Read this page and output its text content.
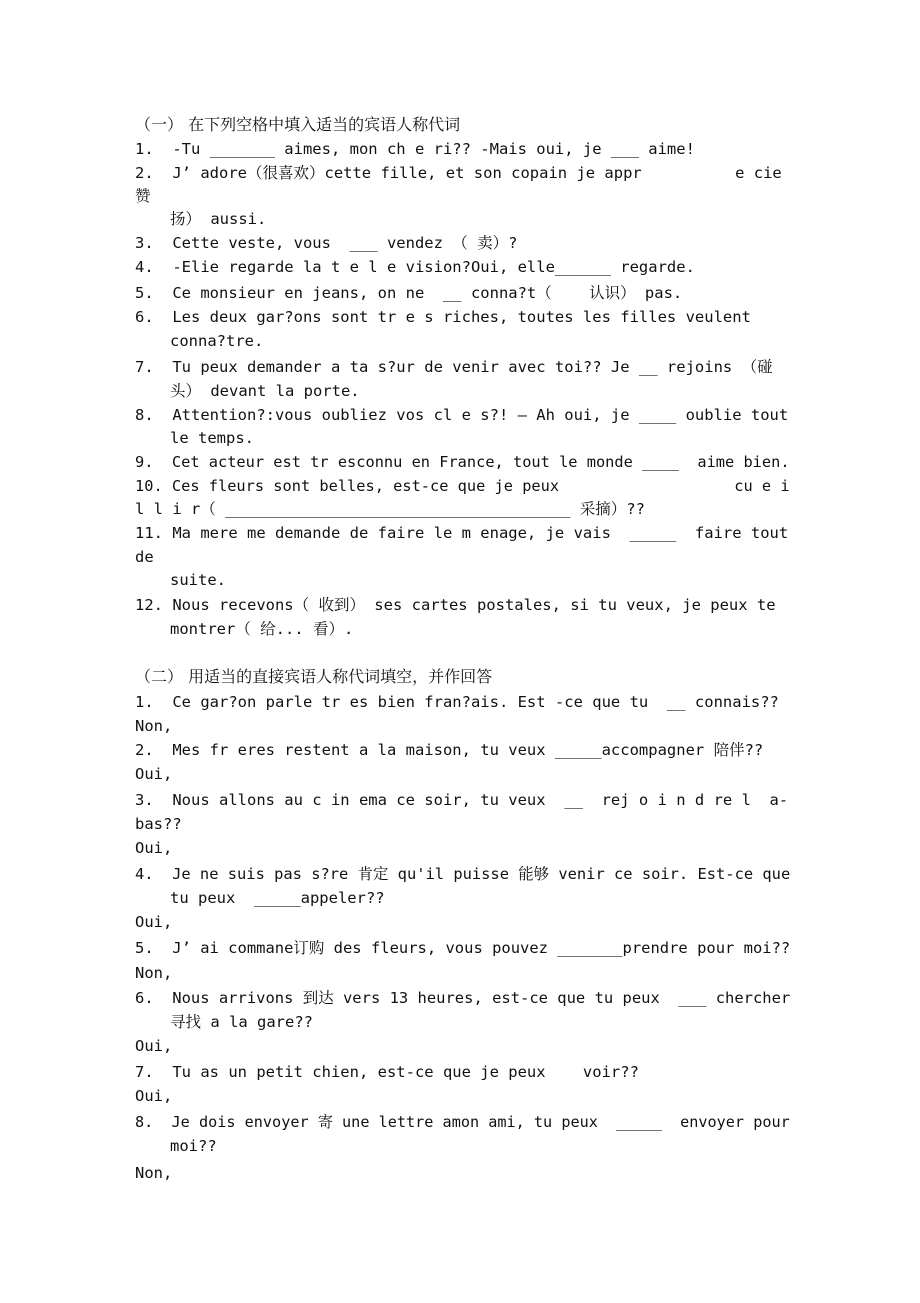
（一） 在下列空格中填入适当的宾语人称代词
1.  -Tu _______ aimes, mon ch e ri?? -Mais oui, je ___ aime!
2.  J’ adore（很喜欢）cette fille, et son copain je appr          e cie
赞
扬） aussi.
3.  Cette veste, vous  ___ vendez （ 卖）?
4.  -Elie regarde la t e l e vision?Oui, elle______ regarde.
5.  Ce monsieur en jeans, on ne  __ conna?t（    认识） pas.
6.  Les deux gar?ons sont tr e s riches, toutes les filles veulent
conna?tre.
7.  Tu peux demander a ta s?ur de venir avec toi?? Je __ rejoins （碰
头） devant la porte.
8.  Attention?:vous oubliez vos cl e s?! — Ah oui, je ____ oublie tout
le temps.
9.  Cet acteur est tr esconnu en France, tout le monde ____  aime bien.
10. Ces fleurs sont belles, est-ce que je peux                   cu e i
l l i r（ _____________________________________ 采摘）??
11. Ma mere me demande de faire le m enage, je vais  _____  faire tout
de
suite.
12. Nous recevons（ 收到） ses cartes postales, si tu veux, je peux te
montrer（ 给... 看）.
（二） 用适当的直接宾语人称代词填空，并作回答
1.  Ce gar?on parle tr es bien fran?ais. Est -ce que tu  __ connais??
Non,
2.  Mes fr eres restent a la maison, tu veux _____accompagner 陪伴??
Oui,
3.  Nous allons au c in ema ce soir, tu veux  __  rej o i n d re l  a-
bas??
Oui,
4.  Je ne suis pas s?re 肯定 qu'il puisse 能够 venir ce soir. Est-ce que
tu peux  _____appeler??
Oui,
5.  J’ ai commane订购 des fleurs, vous pouvez _______prendre pour moi??
Non,
6.  Nous arrivons 到达 vers 13 heures, est-ce que tu peux  ___ chercher
寻找 a la gare??
Oui,
7.  Tu as un petit chien, est-ce que je peux    voir??
Oui,
8.  Je dois envoyer 寄 une lettre amon ami, tu peux  _____  envoyer pour
moi??
Non,
